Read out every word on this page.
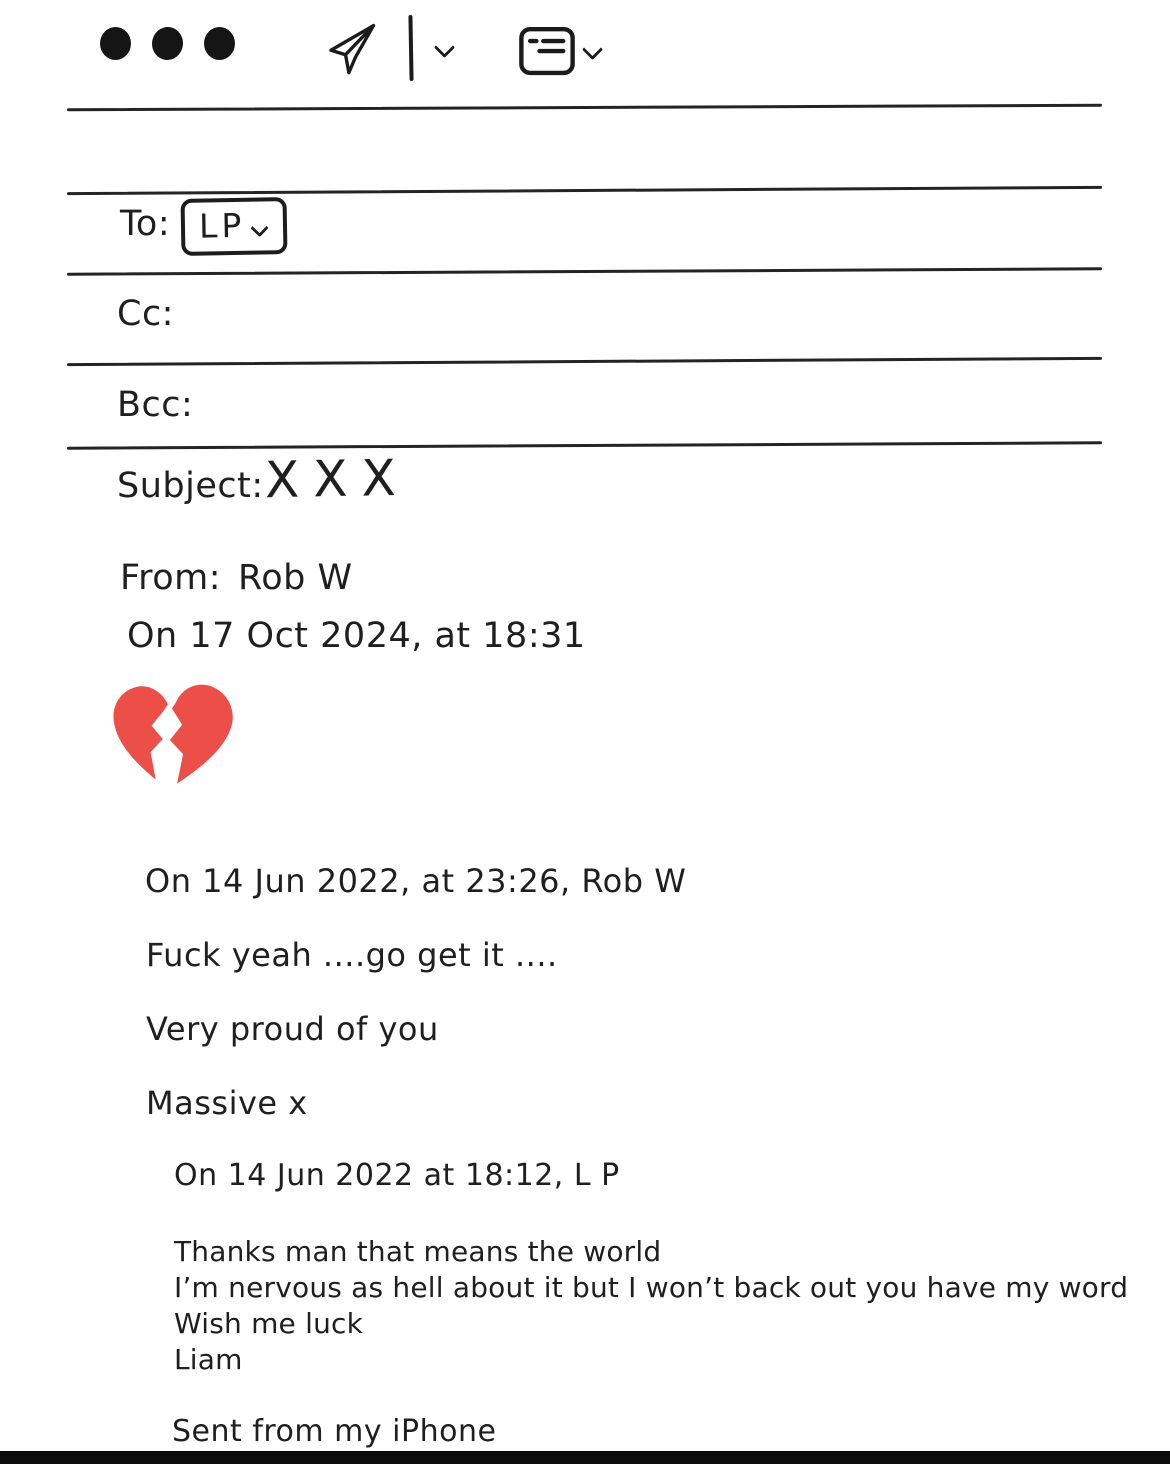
To: LP
Cc:
Bcc:
Subject: XXX
From: Rob W
On 17 Oct 2024, at 18:31
On 14 Jun 2022, at 23:26, Rob W
Fuck yeah ....go get it ....
Very proud of you
Massive x
On 14 Jun 2022 at 18:12, L P
Thanks man that means the world
I’m nervous as hell about it but I won’t back out you have my word
Wish me luck
Liam
Sent from my iPhone
